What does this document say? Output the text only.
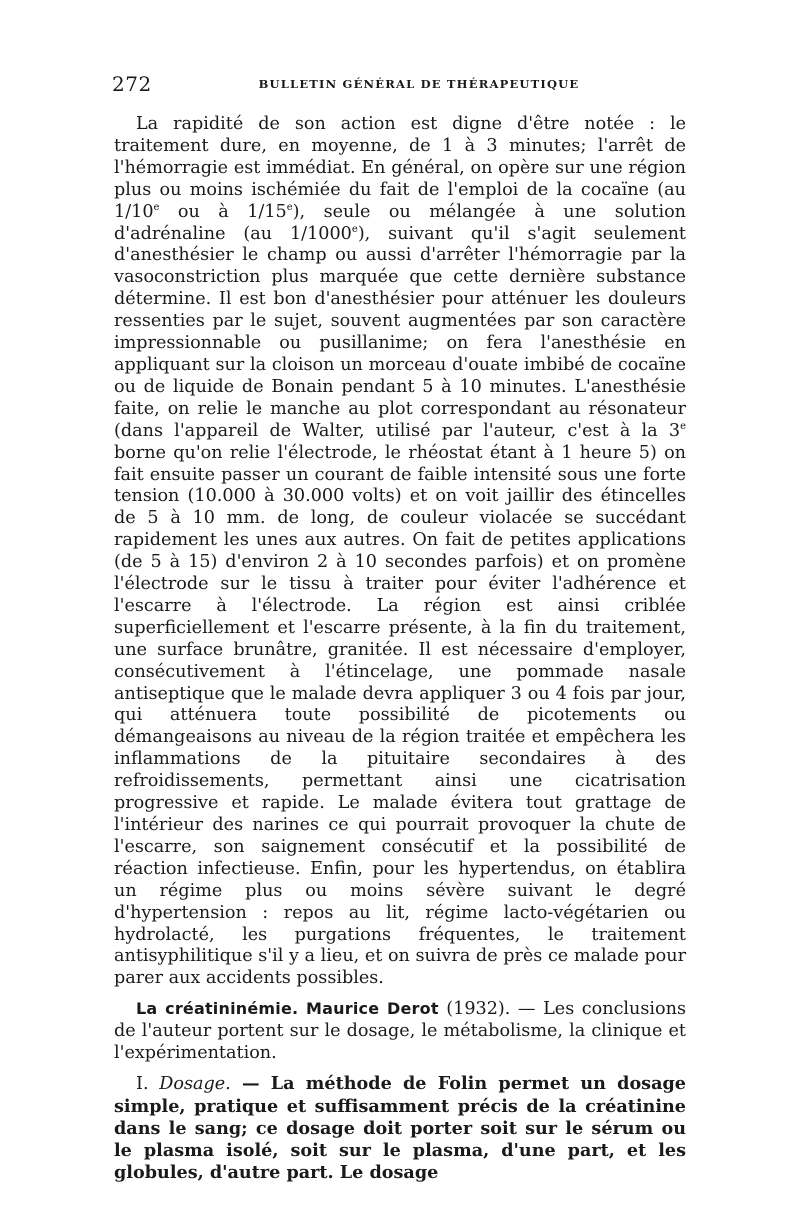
272	BULLETIN GÉNÉRAL DE THÉRAPEUTIQUE

La rapidité de son action est digne d'être notée : le traitement dure, en moyenne, de 1 à 3 minutes; l'arrêt de l'hémorragie est immédiat. En général, on opère sur une région plus ou moins ischémiée du fait de l'emploi de la cocaïne (au 1/10e ou à 1/15e), seule ou mélangée à une solution d'adrénaline (au 1/1000e), suivant qu'il s'agit seulement d'anesthésier le champ ou aussi d'arrêter l'hémorragie par la vasoconstriction plus marquée que cette dernière substance détermine. Il est bon d'anesthésier pour atténuer les douleurs ressenties par le sujet, souvent augmentées par son caractère impressionnable ou pusillanime; on fera l'anesthésie en appliquant sur la cloison un morceau d'ouate imbibé de cocaïne ou de liquide de Bonain pendant 5 à 10 minutes. L'anesthésie faite, on relie le manche au plot correspondant au résonateur (dans l'appareil de Walter, utilisé par l'auteur, c'est à la 3e borne qu'on relie l'électrode, le rhéostat étant à 1 heure 5) on fait ensuite passer un courant de faible intensité sous une forte tension (10.000 à 30.000 volts) et on voit jaillir des étincelles de 5 à 10 mm. de long, de couleur violacée se succédant rapidement les unes aux autres. On fait de petites applications (de 5 à 15) d'environ 2 à 10 secondes parfois) et on promène l'électrode sur le tissu à traiter pour éviter l'adhérence et l'escarre à l'électrode. La région est ainsi criblée superficiellement et l'escarre présente, à la fin du traitement, une surface brunâtre, granitée. Il est nécessaire d'employer, consécutivement à l'étincelage, une pommade nasale antiseptique que le malade devra appliquer 3 ou 4 fois par jour, qui atténuera toute possibilité de picotements ou démangeaisons au niveau de la région traitée et empêchera les inflammations de la pituitaire secondaires à des refroidissements, permettant ainsi une cicatrisation progressive et rapide. Le malade évitera tout grattage de l'intérieur des narines ce qui pourrait provoquer la chute de l'escarre, son saignement consécutif et la possibilité de réaction infectieuse. Enfin, pour les hypertendus, on établira un régime plus ou moins sévère suivant le degré d'hypertension : repos au lit, régime lacto-végétarien ou hydrolacté, les purgations fréquentes, le traitement antisyphilitique s'il y a lieu, et on suivra de près ce malade pour parer aux accidents possibles.

La créatininémie. Maurice Derot (1932). — Les conclusions de l'auteur portent sur le dosage, le métabolisme, la clinique et l'expérimentation.

I. Dosage. — La méthode de Folin permet un dosage simple, pratique et suffisamment précis de la créatinine dans le sang; ce dosage doit porter soit sur le sérum ou le plasma isolé, soit sur le plasma, d'une part, et les globules, d'autre part. Le dosage
